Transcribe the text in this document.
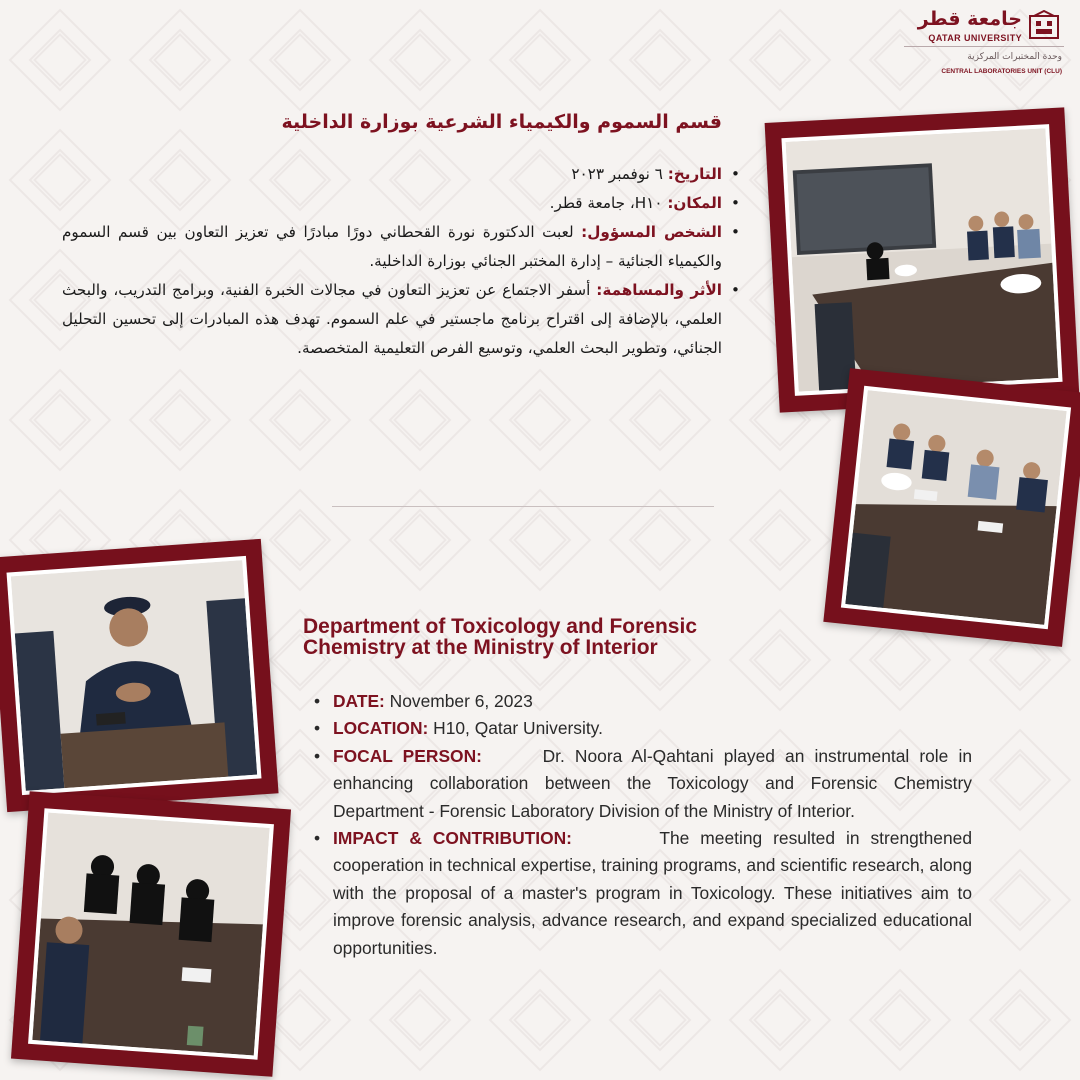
جامعة قطر
QATAR UNIVERSITY
وحدة المختبرات المركزية
CENTRAL LABORATORIES UNIT (CLU)
قسم السموم والكيمياء الشرعية بوزارة الداخلية
• التاريخ: ٦ نوفمبر ٢٠٢٣
• المكان: H١٠، جامعة قطر.
• الشخص المسؤول: لعبت الدكتورة نورة القحطاني دورًا مبادرًا في تعزيز التعاون بين قسم السموم والكيمياء الجنائية – إدارة المختبر الجنائي بوزارة الداخلية.
• الأثر والمساهمة: أسفر الاجتماع عن تعزيز التعاون في مجالات الخبرة الفنية، وبرامج التدريب، والبحث العلمي، بالإضافة إلى اقتراح برنامج ماجستير في علم السموم. تهدف هذه المبادرات إلى تحسين التحليل الجنائي، وتطوير البحث العلمي، وتوسيع الفرص التعليمية المتخصصة.
Department of Toxicology and Forensic Chemistry at the Ministry of Interior
• DATE: November 6, 2023
• LOCATION: H10, Qatar University.
• FOCAL PERSON:      Dr. Noora Al-Qahtani played an instrumental role in enhancing collaboration between the Toxicology and Forensic Chemistry Department - Forensic Laboratory Division of the Ministry of Interior.
• IMPACT & CONTRIBUTION:        The meeting resulted in strengthened cooperation in technical expertise, training programs, and scientific research, along with the proposal of a master's program in Toxicology. These initiatives aim to improve forensic analysis, advance research, and expand specialized educational opportunities.
